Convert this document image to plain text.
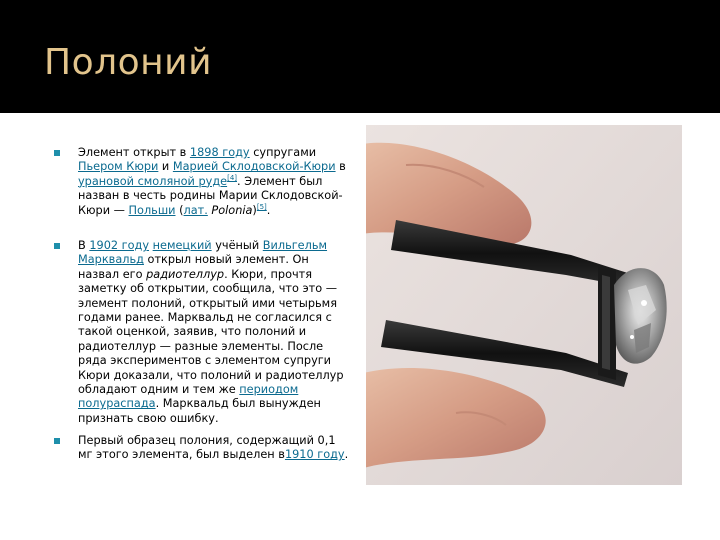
Полоний
Элемент открыт в 1898 году супругами Пьером Кюри и Марией Склодовской-Кюри в урановой смоляной руде[4]. Элемент был назван в честь родины Марии Склодовской-Кюри — Польши (лат. Polonia)[5].
В 1902 году немецкий учёный Вильгельм Марквальд открыл новый элемент. Он назвал его радиотеллур. Кюри, прочтя заметку об открытии, сообщила, что это — элемент полоний, открытый ими четырьмя годами ранее. Марквальд не согласился с такой оценкой, заявив, что полоний и радиотеллур — разные элементы. После ряда экспериментов с элементом супруги Кюри доказали, что полоний и радиотеллур обладают одним и тем же периодом полураспада. Марквальд был вынужден признать свою ошибку.
Первый образец полония, содержащий 0,1 мг этого элемента, был выделен в1910 году.
